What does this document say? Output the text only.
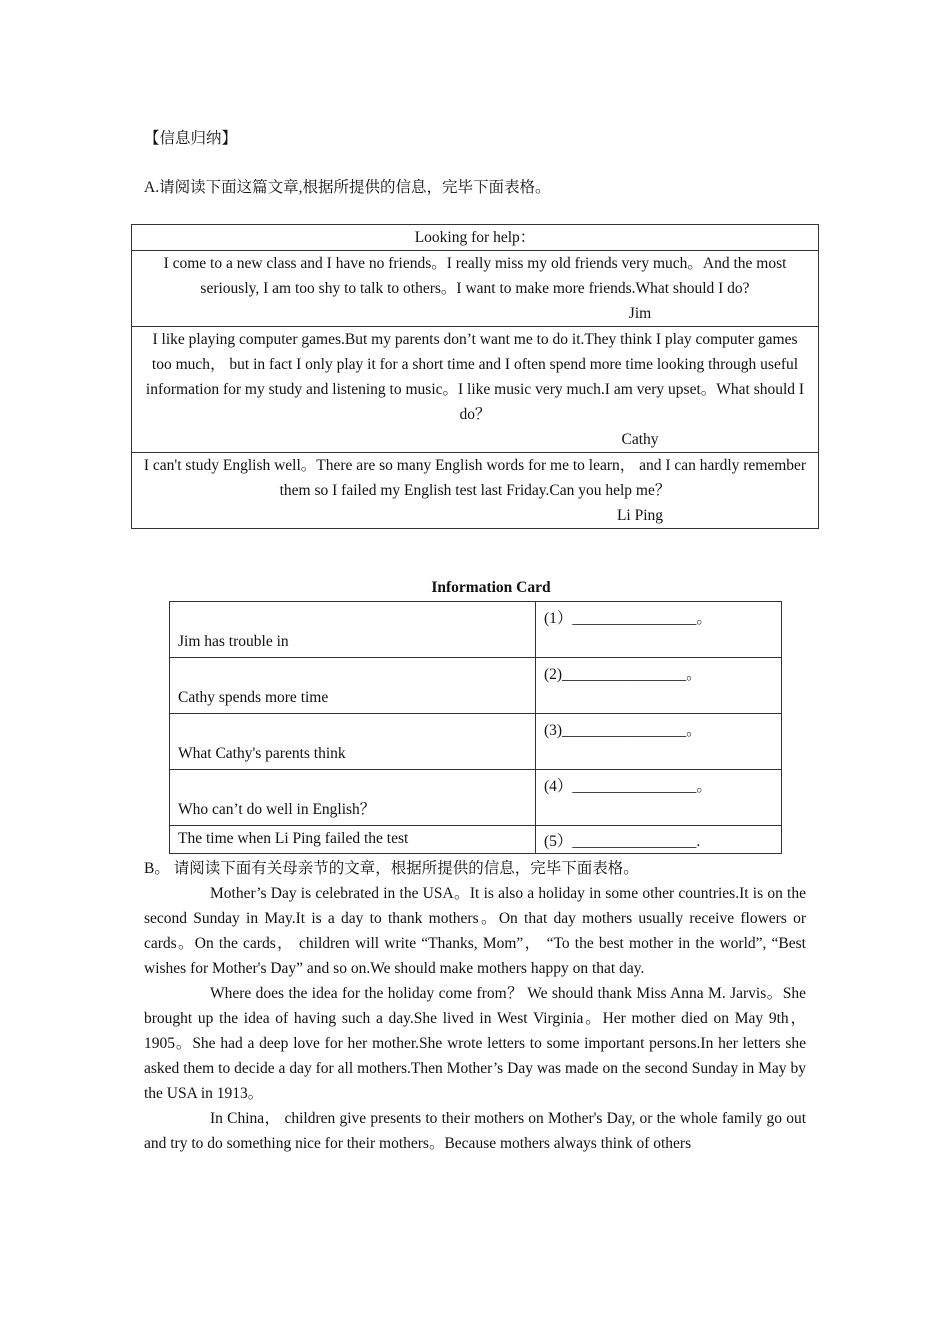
【信息归纳】
A.请阅读下面这篇文章,根据所提供的信息，完毕下面表格。
Looking for help：
I come to a new class and I have no friends。I really miss my old friends very much。And the most seriously, I am too shy to talk to others。I want to make more friends.What should I do?
Jim

I like playing computer games.But my parents don’t want me to do it.They think I play computer games too much， but in fact I only play it for a short time and I often spend more time looking through useful information for my study and listening to music。I like music very much.I am very upset。What should I do？
Cathy

I can't study English well。There are so many English words for me to learn， and I can hardly remember them so I failed my English test last Friday.Can you help me？
Li Ping
Information Card
Jim has trouble in	(1）________________。
Cathy spends more time	(2)________________。
What Cathy's parents think	(3)________________。
Who can’t do well in English？	(4）________________。
The time when Li Ping failed the test	(5）________________.

B。 请阅读下面有关母亲节的文章，根据所提供的信息，完毕下面表格。

Mother’s Day is celebrated in the USA。It is also a holiday in some other countries.It is on the second Sunday in May.It is a day to thank mothers。On that day mothers usually receive flowers or cards。On the cards， children will write “Thanks, Mom”， “To the best mother in the world”, “Best wishes for Mother's Day” and so on.We should make mothers happy on that day.

Where does the idea for the holiday come from？ We should thank Miss Anna M. Jarvis。She brought up the idea of having such a day.She lived in West Virginia。Her mother died on May 9th， 1905。She had a deep love for her mother.She wrote letters to some important persons.In her letters she asked them to decide a day for all mothers.Then Mother’s Day was made on the second Sunday in May by the USA in 1913。

In China， children give presents to their mothers on Mother's Day, or the whole family go out and try to do something nice for their mothers。Because mothers always think of others
